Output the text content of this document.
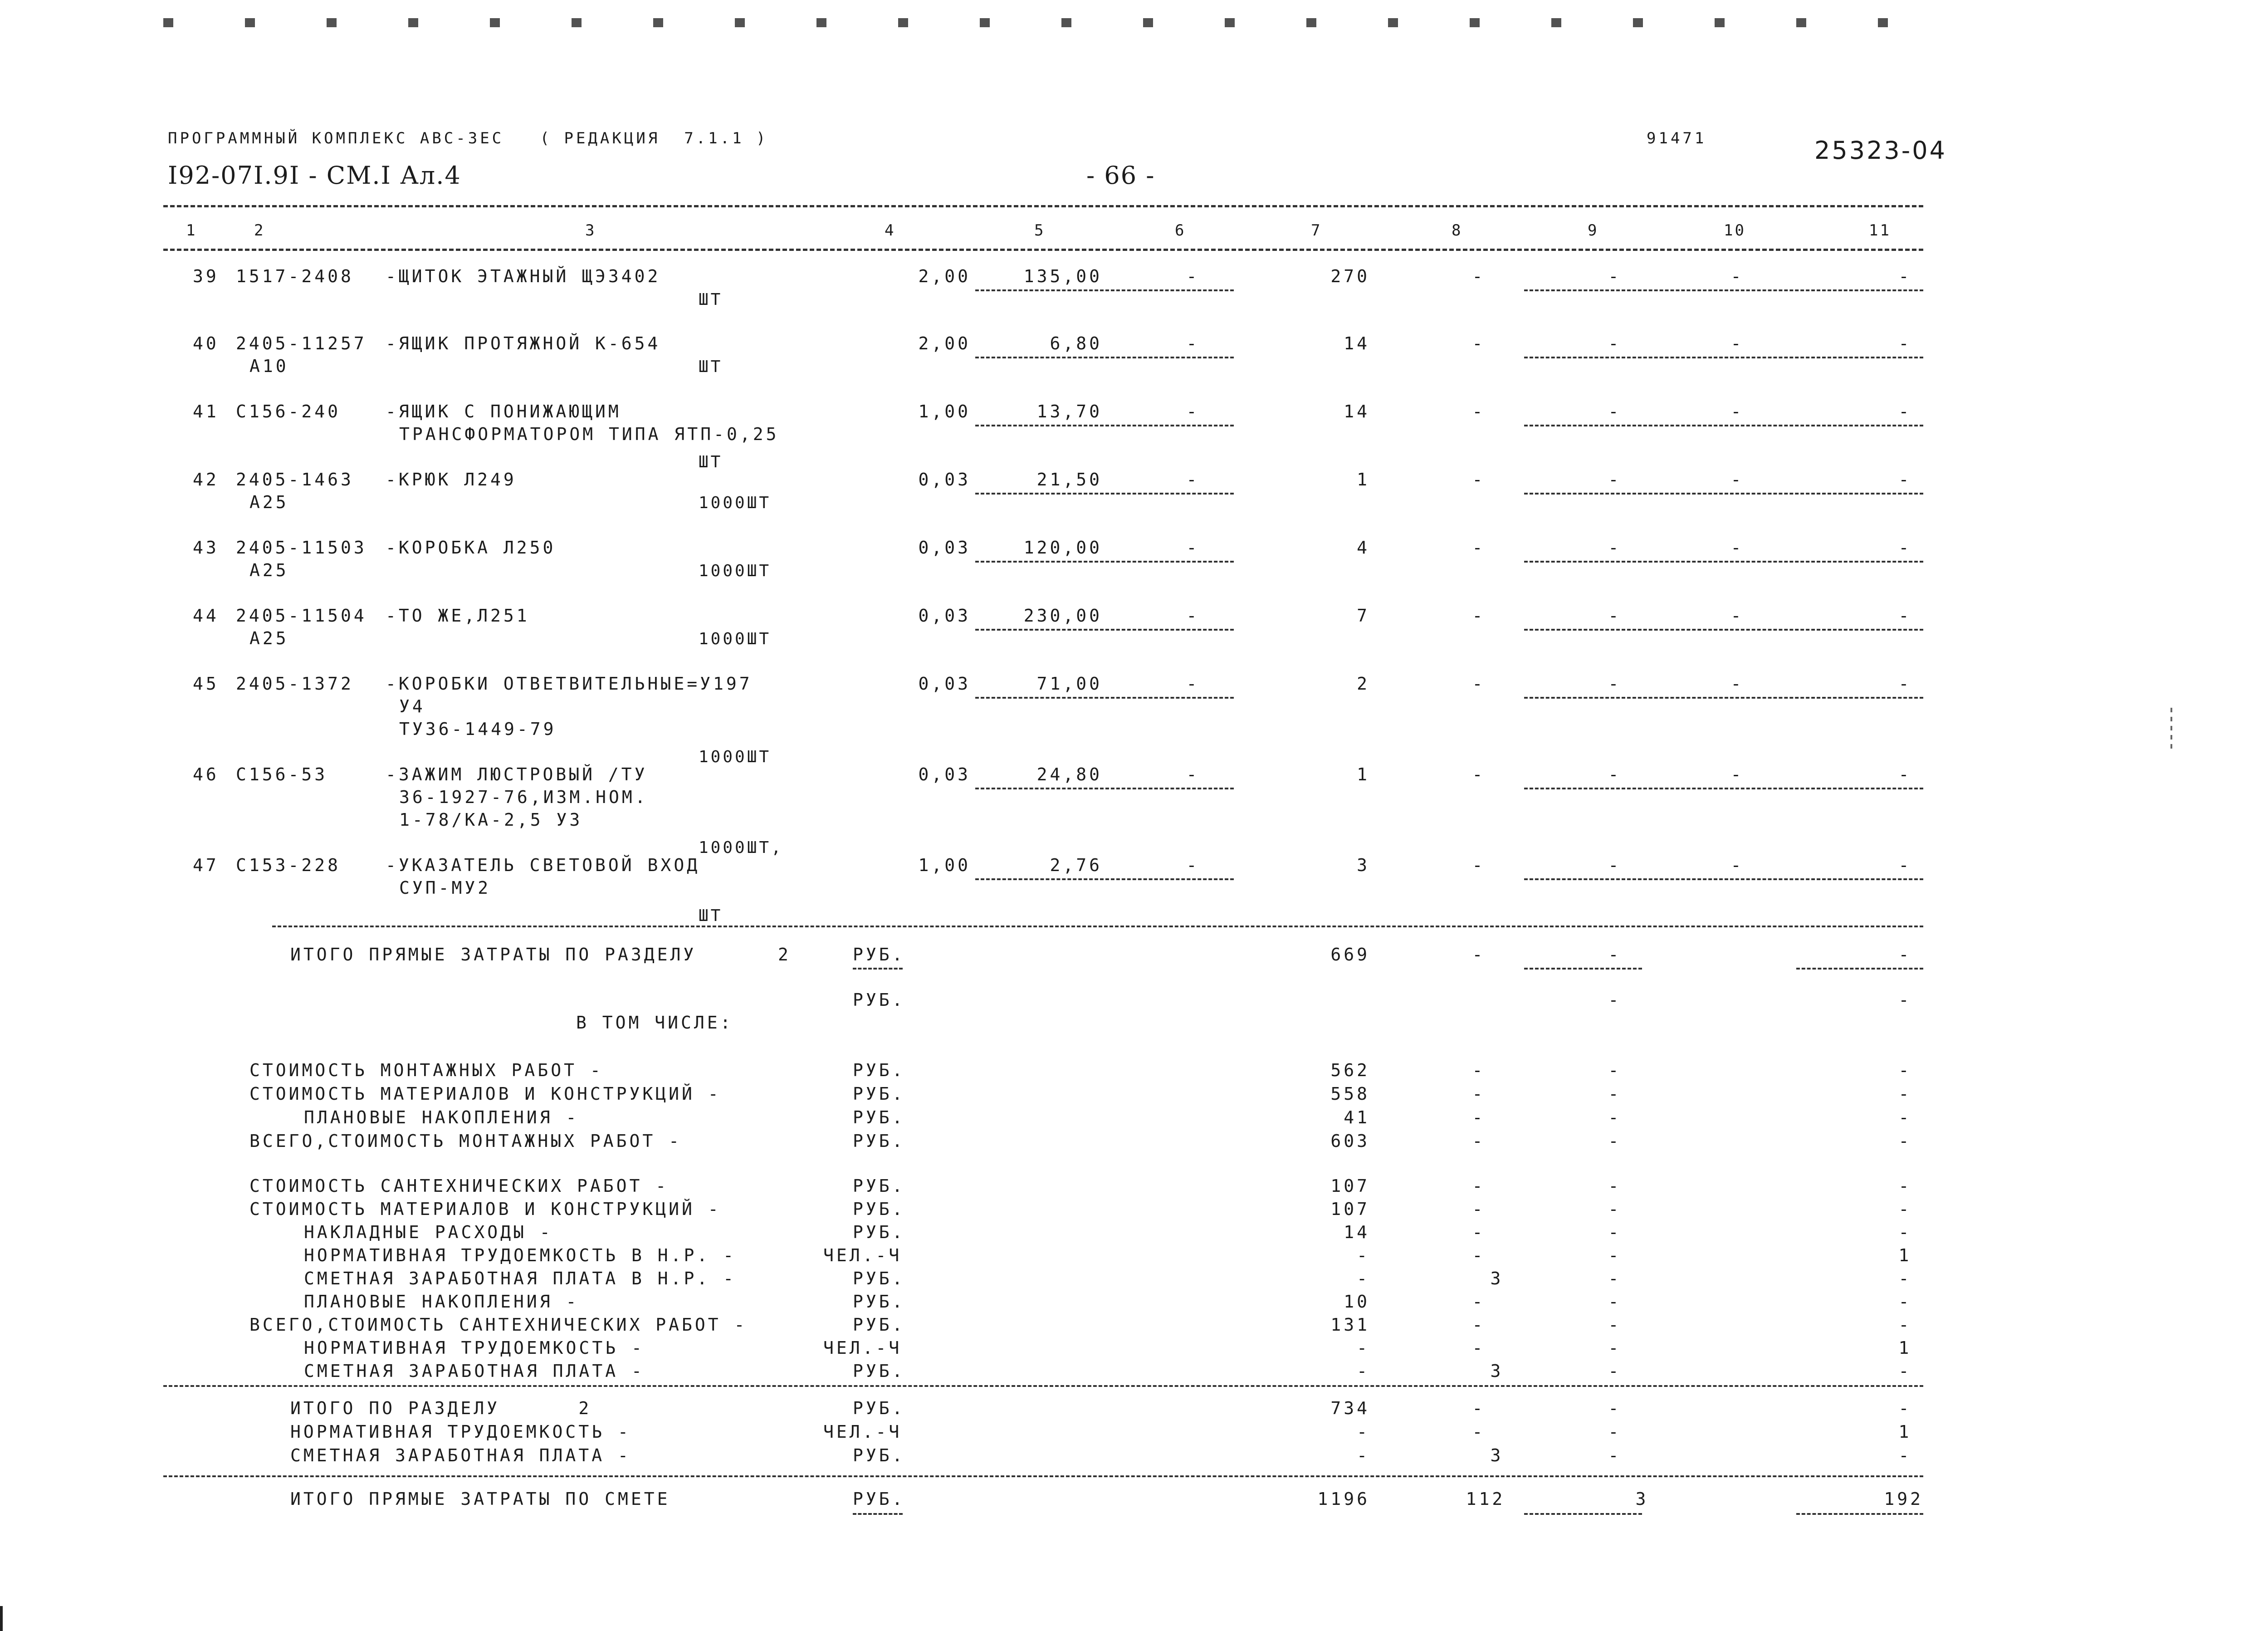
ПРОГРАММНЫЙ КОМПЛЕКС АВС-3ЕС   ( РЕДАКЦИЯ  7.1.1 )	91471	25323-04
I92-07I.9I - СМ.I Ал.4	- 66 -
1	2	3	4	5	6	7	8	9	10	11
39 1517-2408 -ЩИТОК ЭТАЖНЫЙ ЩЭ3402
ШТ
2,00	135,00	-	270	-	-	-	-
40 2405-11257
А10
-ЯЩИК ПРОТЯЖНОЙ К-654
ШТ
2,00	6,80	-	14	-	-	-	-
41 С156-240	-ЯЩИК С ПОНИЖАЮЩИМ
ТРАНСФОРМАТОРОМ ТИПА ЯТП-0,25
ШТ
1,00	13,70	-	14	-	-	-	-
42 2405-1463
А25
-КРЮК Л249
1000ШТ
0,03	21,50	-	1	-	-	-	-
43 2405-11503
А25
-КОРОБКА Л250
1000ШТ
0,03	120,00	-	4	-	-	-	-
44 2405-11504
А25
-ТО ЖЕ,Л251
1000ШТ
0,03	230,00	-	7	-	-	-	-
45 2405-1372 -КОРОБКИ ОТВЕТВИТЕЛЬНЫЕ=У197
У4
ТУ36-1449-79
1000ШТ
0,03	71,00	-	2	-	-	-	-
46 С156-53	-ЗАЖИМ ЛЮСТРОВЫЙ /ТУ
36-1927-76,ИЗМ.НОМ.
1-78/КА-2,5 У3
1000ШТ,
0,03	24,80	-	1	-	-	-	-
47 С153-228	-УКАЗАТЕЛЬ СВЕТОВОЙ ВХОД
СУП-МУ2
ШТ
1,00	2,76	-	3	-	-	-	-
ИТОГО ПРЯМЫЕ ЗАТРАТЫ ПО РАЗДЕЛУ	2	РУБ.	669	-	-	-
РУБ.	-	-
В ТОМ ЧИСЛЕ:
СТОИМОСТЬ МОНТАЖНЫХ РАБОТ -	РУБ.	562	-	-	-
СТОИМОСТЬ МАТЕРИАЛОВ И КОНСТРУКЦИЙ -	РУБ.	558	-	-	-
ПЛАНОВЫЕ НАКОПЛЕНИЯ -	РУБ.	41	-	-	-
ВСЕГО,СТОИМОСТЬ МОНТАЖНЫХ РАБОТ -	РУБ.	603	-	-	-
СТОИМОСТЬ САНТЕХНИЧЕСКИХ РАБОТ -	РУБ.	107	-	-	-
СТОИМОСТЬ МАТЕРИАЛОВ И КОНСТРУКЦИЙ -	РУБ.	107	-	-	-
НАКЛАДНЫЕ РАСХОДЫ -	РУБ.	14	-	-	-
НОРМАТИВНАЯ ТРУДОЕМКОСТЬ В Н.Р. -	ЧЕЛ.-Ч	-	-	-	1
СМЕТНАЯ ЗАРАБОТНАЯ ПЛАТА В Н.Р. -	РУБ.	-	3	-	-
ПЛАНОВЫЕ НАКОПЛЕНИЯ -	РУБ.	10	-	-	-
ВСЕГО,СТОИМОСТЬ САНТЕХНИЧЕСКИХ РАБОТ -	РУБ.	131	-	-	-
НОРМАТИВНАЯ ТРУДОЕМКОСТЬ -	ЧЕЛ.-Ч	-	-	-	1
СМЕТНАЯ ЗАРАБОТНАЯ ПЛАТА -	РУБ.	-	3	-	-
ИТОГО ПО РАЗДЕЛУ      2	РУБ.	734	-	-	-
НОРМАТИВНАЯ ТРУДОЕМКОСТЬ -	ЧЕЛ.-Ч	-	-	-	1
СМЕТНАЯ ЗАРАБОТНАЯ ПЛАТА -	РУБ.	-	3	-	-
ИТОГО ПРЯМЫЕ ЗАТРАТЫ ПО СМЕТЕ	РУБ.	1196	112	3	192
